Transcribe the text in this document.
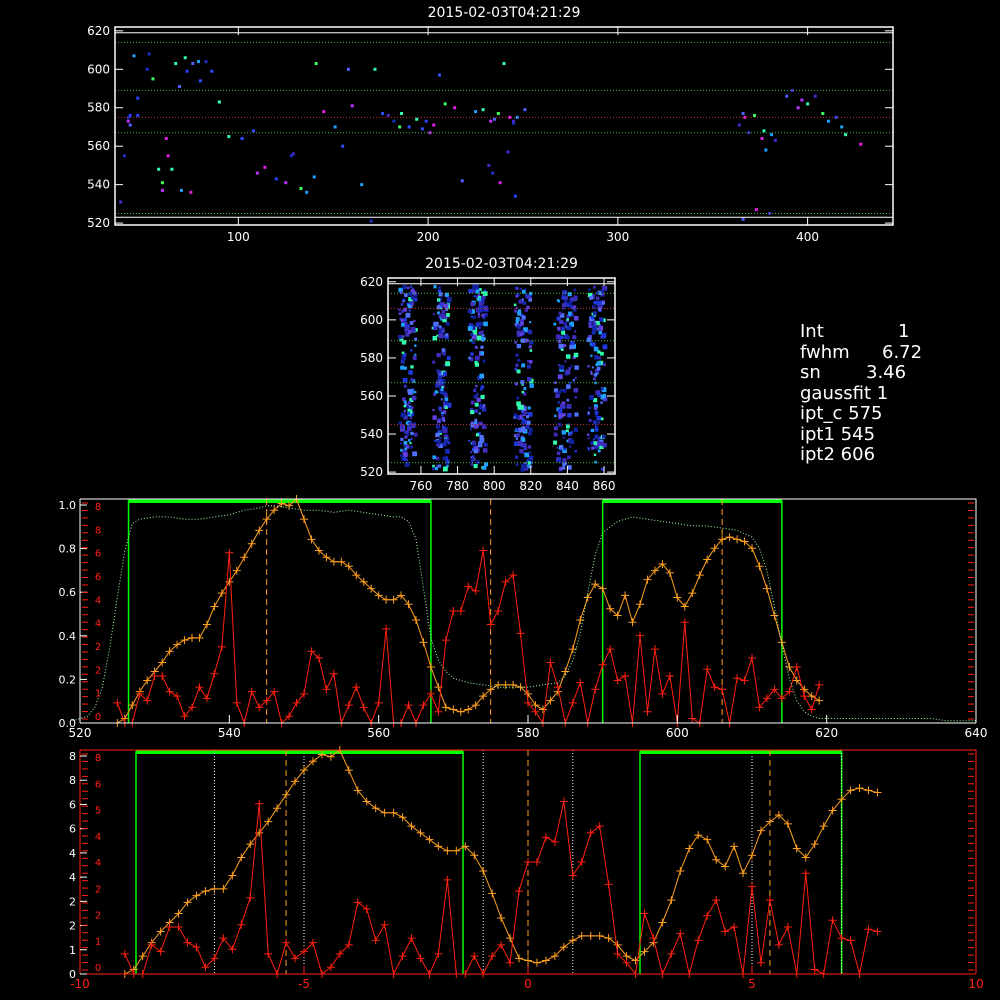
2015-02-03T04:21:29
100	200	300	400
520
540
560
580
600
620
2015-02-03T04:21:29
760 780 800 820 840 860
520
540
560
580
600
620
520	540	560	580	600	620	640
0.0
0.2
0.4
0.6
0.8
1.0
0
1
2
2
4
4
6
6
8
8
-10	-5	0	5	10
0
1
2
2
4
4
6
6
8
8
0
1
2
2
4
4
5
6
8
Int	1
fwhm 6.72
sn	3.46
gaussfit 1
ipt_c 575
ipt1 545
ipt2 606
